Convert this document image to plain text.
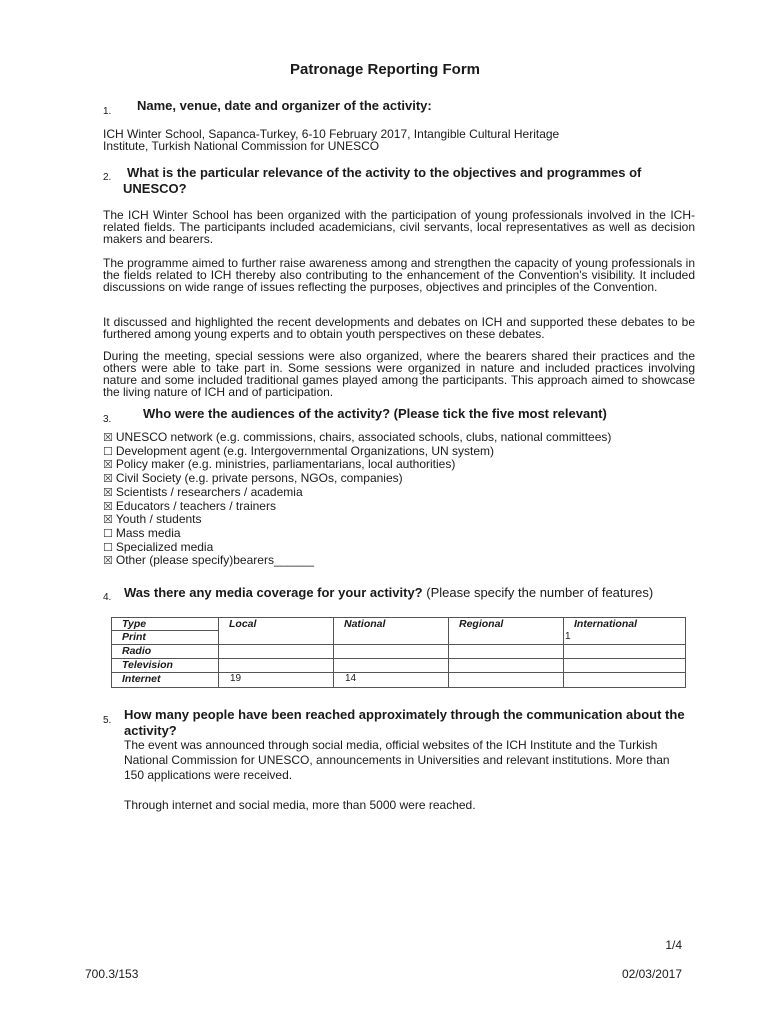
Patronage Reporting Form
1. Name, venue, date and organizer of the activity:
ICH Winter School, Sapanca-Turkey, 6-10 February 2017, Intangible Cultural Heritage
Institute, Turkish National Commission for UNESCO
2. What is the particular relevance of the activity to the objectives and programmes of
UNESCO?
The ICH Winter School has been organized with the participation of young professionals involved in the ICH-related fields. The participants included academicians, civil servants, local representatives as well as decision makers and bearers.
The programme aimed to further raise awareness among and strengthen the capacity of young professionals in the fields related to ICH thereby also contributing to the enhancement of the Convention's visibility. It included discussions on wide range of issues reflecting the purposes, objectives and principles of the Convention.
It discussed and highlighted the recent developments and debates on ICH and supported these debates to be furthered among young experts and to obtain youth perspectives on these debates.
During the meeting, special sessions were also organized, where the bearers shared their practices and the others were able to take part in. Some sessions were organized in nature and included practices involving nature and some included traditional games played among the participants. This approach aimed to showcase the living nature of ICH and of participation.
3. Who were the audiences of the activity? (Please tick the five most relevant)
☒ UNESCO network (e.g. commissions, chairs, associated schools, clubs, national committees)
☐ Development agent (e.g. Intergovernmental Organizations, UN system)
☒ Policy maker (e.g. ministries, parliamentarians, local authorities)
☒ Civil Society (e.g. private persons, NGOs, companies)
☒ Scientists / researchers / academia
☒ Educators / teachers / trainers
☒ Youth / students
☐ Mass media
☐ Specialized media
☒ Other (please specify)bearers______
4. Was there any media coverage for your activity? (Please specify the number of features)
Type	Local	National	Regional	International
Print				1
Radio				
Television				
Internet	19	14		
5. How many people have been reached approximately through the communication about the
activity?
The event was announced through social media, official websites of the ICH Institute and the Turkish
National Commission for UNESCO, announcements in Universities and relevant institutions. More than
150 applications were received.
Through internet and social media, more than 5000 were reached.
1/4
700.3/153	02/03/2017
